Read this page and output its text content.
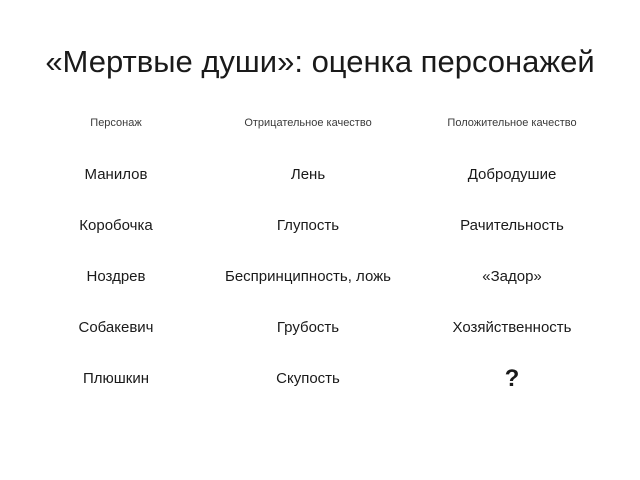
«Мертвые души»: оценка персонажей
Персонаж	Отрицательное качество	Положительное качество
Манилов	Лень	Добродушие
Коробочка	Глупость	Рачительность
Ноздрев	Беспринципность, ложь	«Задор»
Собакевич	Грубость	Хозяйственность
Плюшкин	Скупость	?
